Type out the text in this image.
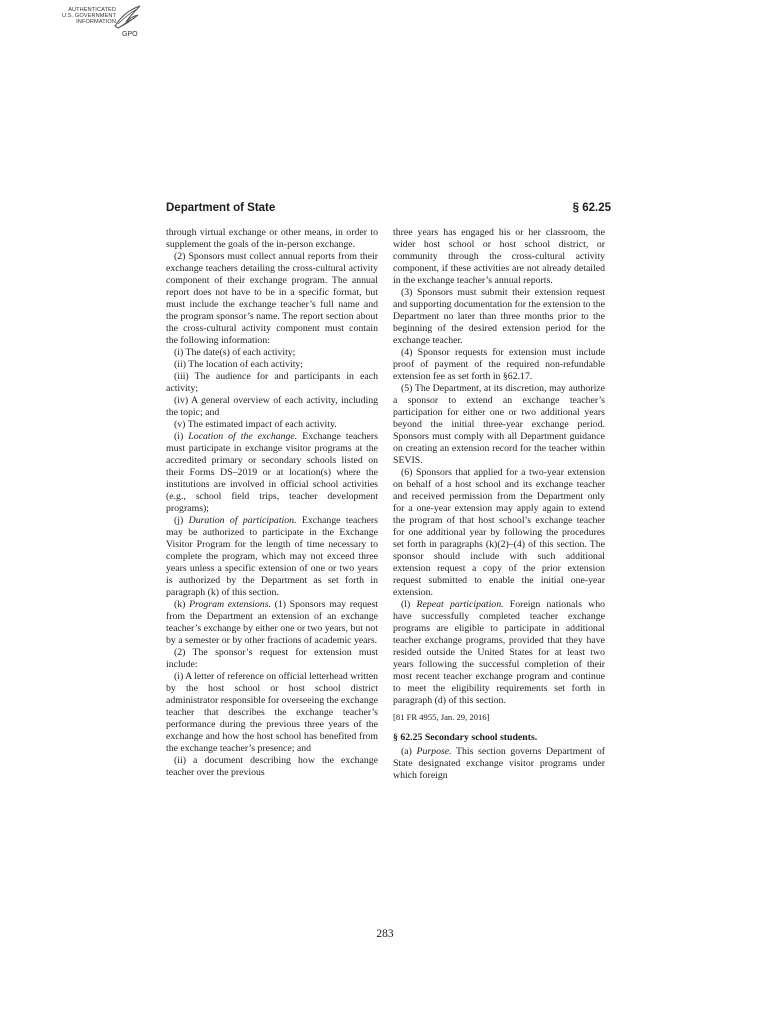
AUTHENTICATED
U.S. GOVERNMENT
INFORMATION
GPO
Department of State	§ 62.25

through virtual exchange or other means, in order to supplement the goals of the in-person exchange.

(2) Sponsors must collect annual reports from their exchange teachers detailing the cross-cultural activity component of their exchange program. The annual report does not have to be in a specific format, but must include the exchange teacher’s full name and the program sponsor’s name. The report section about the cross-cultural activity component must contain the following information:

(i) The date(s) of each activity;

(ii) The location of each activity;

(iii) The audience for and participants in each activity;

(iv) A general overview of each activity, including the topic; and

(v) The estimated impact of each activity.

(i) Location of the exchange. Exchange teachers must participate in exchange visitor programs at the accredited primary or secondary schools listed on their Forms DS–2019 or at location(s) where the institutions are involved in official school activities (e.g., school field trips, teacher development programs);

(j) Duration of participation. Exchange teachers may be authorized to participate in the Exchange Visitor Program for the length of time necessary to complete the program, which may not exceed three years unless a specific extension of one or two years is authorized by the Department as set forth in paragraph (k) of this section.

(k) Program extensions. (1) Sponsors may request from the Department an extension of an exchange teacher’s exchange by either one or two years, but not by a semester or by other fractions of academic years.

(2) The sponsor’s request for extension must include:

(i) A letter of reference on official letterhead written by the host school or host school district administrator responsible for overseeing the exchange teacher that describes the exchange teacher’s performance during the previous three years of the exchange and how the host school has benefited from the exchange teacher’s presence; and

(ii) a document describing how the exchange teacher over the previous

three years has engaged his or her classroom, the wider host school or host school district, or community through the cross-cultural activity component, if these activities are not already detailed in the exchange teacher’s annual reports.

(3) Sponsors must submit their extension request and supporting documentation for the extension to the Department no later than three months prior to the beginning of the desired extension period for the exchange teacher.

(4) Sponsor requests for extension must include proof of payment of the required non-refundable extension fee as set forth in §62.17.

(5) The Department, at its discretion, may authorize a sponsor to extend an exchange teacher’s participation for either one or two additional years beyond the initial three-year exchange period. Sponsors must comply with all Department guidance on creating an extension record for the teacher within SEVIS.

(6) Sponsors that applied for a two-year extension on behalf of a host school and its exchange teacher and received permission from the Department only for a one-year extension may apply again to extend the program of that host school’s exchange teacher for one additional year by following the procedures set forth in paragraphs (k)(2)–(4) of this section. The sponsor should include with such additional extension request a copy of the prior extension request submitted to enable the initial one-year extension.

(l) Repeat participation. Foreign nationals who have successfully completed teacher exchange programs are eligible to participate in additional teacher exchange programs, provided that they have resided outside the United States for at least two years following the successful completion of their most recent teacher exchange program and continue to meet the eligibility requirements set forth in paragraph (d) of this section.

[81 FR 4955, Jan. 29, 2016]

§ 62.25 Secondary school students.

(a) Purpose. This section governs Department of State designated exchange visitor programs under which foreign

283
